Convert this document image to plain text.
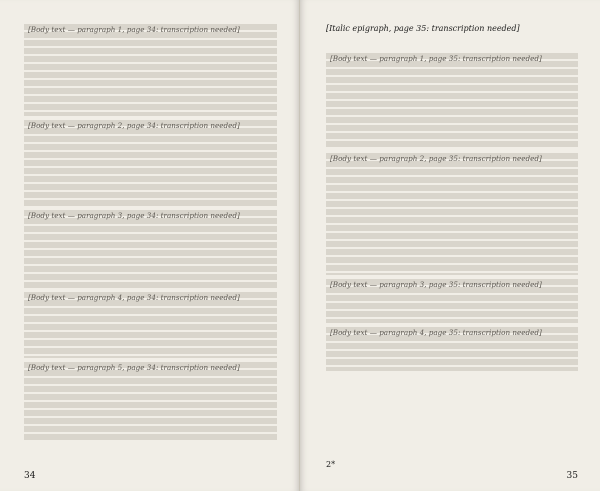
[Body text — paragraph 1, page 34: transcription needed]

[Body text — paragraph 2, page 34: transcription needed]

[Body text — paragraph 3, page 34: transcription needed]

[Body text — paragraph 4, page 34: transcription needed]

[Body text — paragraph 5, page 34: transcription needed]

34

[Italic epigraph, page 35: transcription needed]

[Body text — paragraph 1, page 35: transcription needed]

[Body text — paragraph 2, page 35: transcription needed]

[Body text — paragraph 3, page 35: transcription needed]

[Body text — paragraph 4, page 35: transcription needed]

2*
35
